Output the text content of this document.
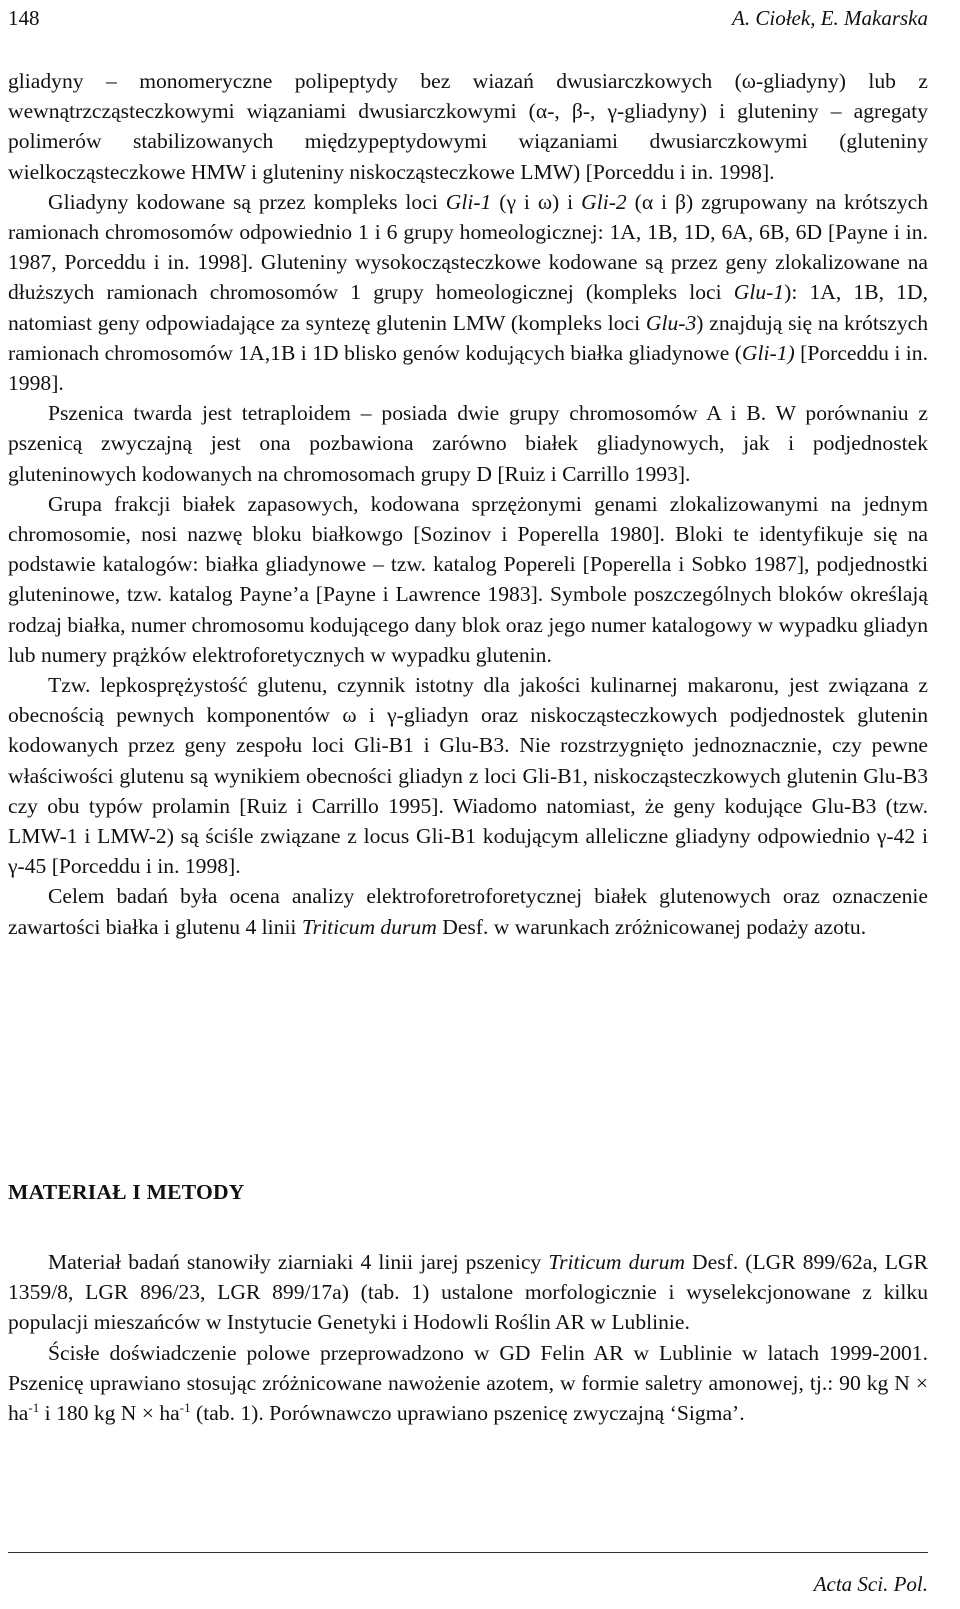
148	A. Ciołek, E. Makarska

gliadyny – monomeryczne polipeptydy bez wiazań dwusiarczkowych (ω-gliadyny) lub z wewnątrzcząsteczkowymi wiązaniami dwusiarczkowymi (α-, β-, γ-gliadyny) i gluteniny – agregaty polimerów stabilizowanych międzypeptydowymi wiązaniami dwusiarczkowymi (gluteniny wielkocząsteczkowe HMW i gluteniny niskocząsteczkowe LMW) [Porceddu i in. 1998].

Gliadyny kodowane są przez kompleks loci Gli-1 (γ i ω) i Gli-2 (α i β) zgrupowany na krótszych ramionach chromosomów odpowiednio 1 i 6 grupy homeologicznej: 1A, 1B, 1D, 6A, 6B, 6D [Payne i in. 1987, Porceddu i in. 1998]. Gluteniny wysokocząsteczkowe kodowane są przez geny zlokalizowane na dłuższych ramionach chromosomów 1 grupy homeologicznej (kompleks loci Glu-1): 1A, 1B, 1D, natomiast geny odpowiadające za syntezę glutenin LMW (kompleks loci Glu-3) znajdują się na krótszych ramionach chromosomów 1A,1B i 1D blisko genów kodujących białka gliadynowe (Gli-1) [Porceddu i in. 1998].

Pszenica twarda jest tetraploidem – posiada dwie grupy chromosomów A i B. W porównaniu z pszenicą zwyczajną jest ona pozbawiona zarówno białek gliadynowych, jak i podjednostek gluteninowych kodowanych na chromosomach grupy D [Ruiz i Carrillo 1993].

Grupa frakcji białek zapasowych, kodowana sprzężonymi genami zlokalizowanymi na jednym chromosomie, nosi nazwę bloku białkowgo [Sozinov i Poperella 1980]. Bloki te identyfikuje się na podstawie katalogów: białka gliadynowe – tzw. katalog Popereli [Poperella i Sobko 1987], podjednostki gluteninowe, tzw. katalog Payne’a [Payne i Lawrence 1983]. Symbole poszczególnych bloków określają rodzaj białka, numer chromosomu kodującego dany blok oraz jego numer katalogowy w wypadku gliadyn lub numery prążków elektroforetycznych w wypadku glutenin.

Tzw. lepkosprężystość glutenu, czynnik istotny dla jakości kulinarnej makaronu, jest związana z obecnością pewnych komponentów ω i γ-gliadyn oraz niskocząsteczkowych podjednostek glutenin kodowanych przez geny zespołu loci Gli-B1 i Glu-B3. Nie rozstrzygnięto jednoznacznie, czy pewne właściwości glutenu są wynikiem obecności gliadyn z loci Gli-B1, niskocząsteczkowych glutenin Glu-B3 czy obu typów prolamin [Ruiz i Carrillo 1995]. Wiadomo natomiast, że geny kodujące Glu-B3 (tzw. LMW-1 i LMW-2) są ściśle związane z locus Gli-B1 kodującym alleliczne gliadyny odpowiednio γ-42 i γ-45 [Porceddu i in. 1998].

Celem badań była ocena analizy elektroforetroforetycznej białek glutenowych oraz oznaczenie zawartości białka i glutenu 4 linii Triticum durum Desf. w warunkach zróżnicowanej podaży azotu.

MATERIAŁ I METODY

Materiał badań stanowiły ziarniaki 4 linii jarej pszenicy Triticum durum Desf. (LGR 899/62a, LGR 1359/8, LGR 896/23, LGR 899/17a) (tab. 1) ustalone morfologicznie i wyselekcjonowane z kilku populacji mieszańców w Instytucie Genetyki i Hodowli Roślin AR w Lublinie.

Ścisłe doświadczenie polowe przeprowadzono w GD Felin AR w Lublinie w latach 1999-2001. Pszenicę uprawiano stosując zróżnicowane nawożenie azotem, w formie saletry amonowej, tj.: 90 kg $N \times ha^{-1}$ i 180 kg $N \times ha^{-1}$ (tab. 1). Porównawczo uprawiano pszenicę zwyczajną ‘Sigma’.

Acta Sci. Pol.
